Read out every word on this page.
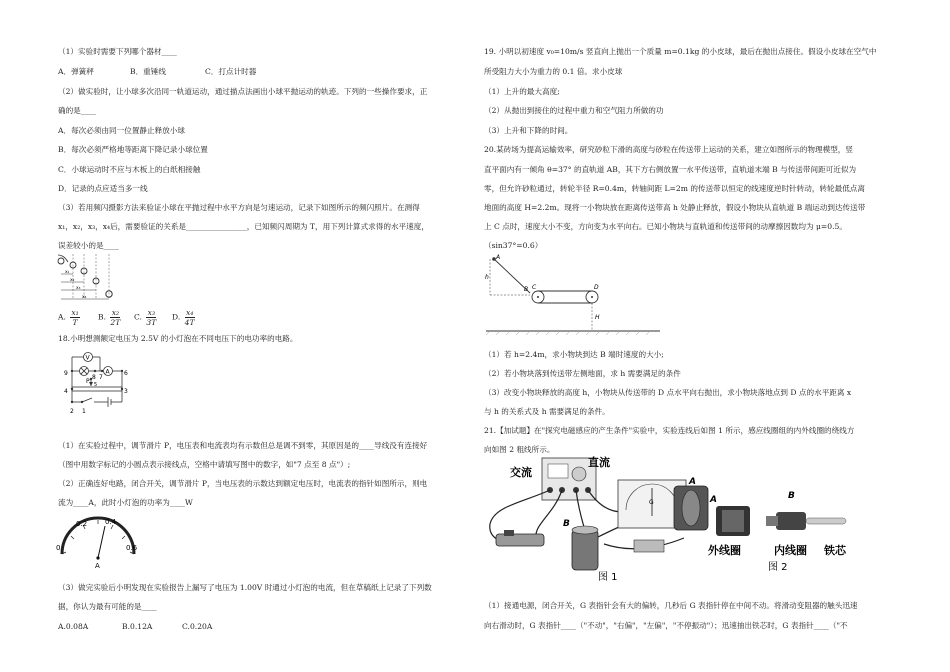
（1）实验时需要下列哪个器材____
A．弹簧秤	B．重锤线	C．打点计时器
（2）做实验时，让小球多次沿同一轨道运动，通过描点法画出小球平抛运动的轨迹。下列的一些操作要求，正
确的是____
A．每次必须由同一位置静止释放小球
B．每次必须严格地等距离下降记录小球位置
C．小球运动时不应与木板上的白纸相接触
D．记录的点应适当多一线
（3）若用频闪摄影方法来验证小球在平抛过程中水平方向是匀速运动，记录下如图所示的频闪照片。在测得
x₁，x₂，x₃，x₄后，需要验证的关系是________________，已知频闪周期为 T，用下列计算式求得的水平速度，
误差较小的是____
x₁
x₂
x₃
x₄
A. $\frac{\text{x₁}}{T} B$. $\frac{\text{x₂}}{2T} C$. $\frac{\text{x₃}}{3T} D$. $\frac{\text{x₄}}{4T}$
18.小明想测额定电压为 2.5V 的小灯泡在不同电压下的电功率的电路。
V
A
9
8 7
6
P 5
4	3
2 1
（1）在实验过程中，调节滑片 P，电压表和电流表均有示数但总是调不到零，其原因是的____导线没有连接好
（图中用数字标记的小圆点表示接线点，空格中请填写图中的数字，如"7 点至 8 点"）;
（2）正确连好电路，闭合开关，调节滑片 P，当电压表的示数达到额定电压时，电流表的指针如图所示，则电
流为____A，此时小灯泡的功率为____W
0.2	0.4
0	0.6
A
（3）做完实验后小明发现在实验报告上漏写了电压为 1.00V 时通过小灯泡的电流，但在草稿纸上记录了下列数
据，你认为最有可能的是____
A.0.08A	B.0.12A	C.0.20A
19. 小明以初速度 v₀=10m/s 竖直向上抛出一个质量 m=0.1kg 的小皮球，最后在抛出点接住。假设小皮球在空气中
所受阻力大小为重力的 0.1 倍。求小皮球
（1）上升的最大高度;
（2）从抛出到接住的过程中重力和空气阻力所做的功
（3）上升和下降的时间。
20.某砖场为提高运输效率，研究砂粒下滑的高度与砂粒在传送带上运动的关系，建立如图所示的物理模型，竖
直平面内有一倾角 θ=37° 的直轨道 AB，其下方右侧放置一水平传送带，直轨道末端 B 与传送带间距可近似为
零，但允许砂粒通过，转轮半径 R=0.4m，转轴间距 L=2m 的传送带以恒定的线速度逆时针转动，转轮最低点离
地面的高度 H=2.2m。现将一小物块放在距离传送带高 h 处静止释放，假设小物块从直轨道 B 端运动到达传送带
上 C 点时，速度大小不变，方向变为水平向右。已知小物块与直轨道和传送带间的动摩擦因数均为 μ=0.5。
（sin37°=0.6）
A
h
B C	D
H
（1）若 h=2.4m，求小物块到达 B 端时速度的大小;
（2）若小物块落到传送带左侧地面，求 h 需要满足的条件
（3）改变小物块释放的高度 h，小物块从传送带的 D 点水平向右抛出，求小物块落地点到 D 点的水平距离 x
与 h 的关系式及 h 需要满足的条件。
21.【加试题】在"探究电磁感应的产生条件"实验中，实验连线后如图 1 所示，感应线圈组的内外线圈的绕线方
向如图 2 粗线所示。
交流
直流
B
G
A
图 1
A
外线圈
B
内线圈 铁芯
图 2
（1）接通电源，闭合开关，G 表指针会有大的偏转，几秒后 G 表指针停在中间不动。将滑动变阻器的触头迅速
向右滑动时，G 表指针____（"不动"，"右偏"，"左偏"，"不停振动"）；迅速抽出铁芯时，G 表指针____（"不
